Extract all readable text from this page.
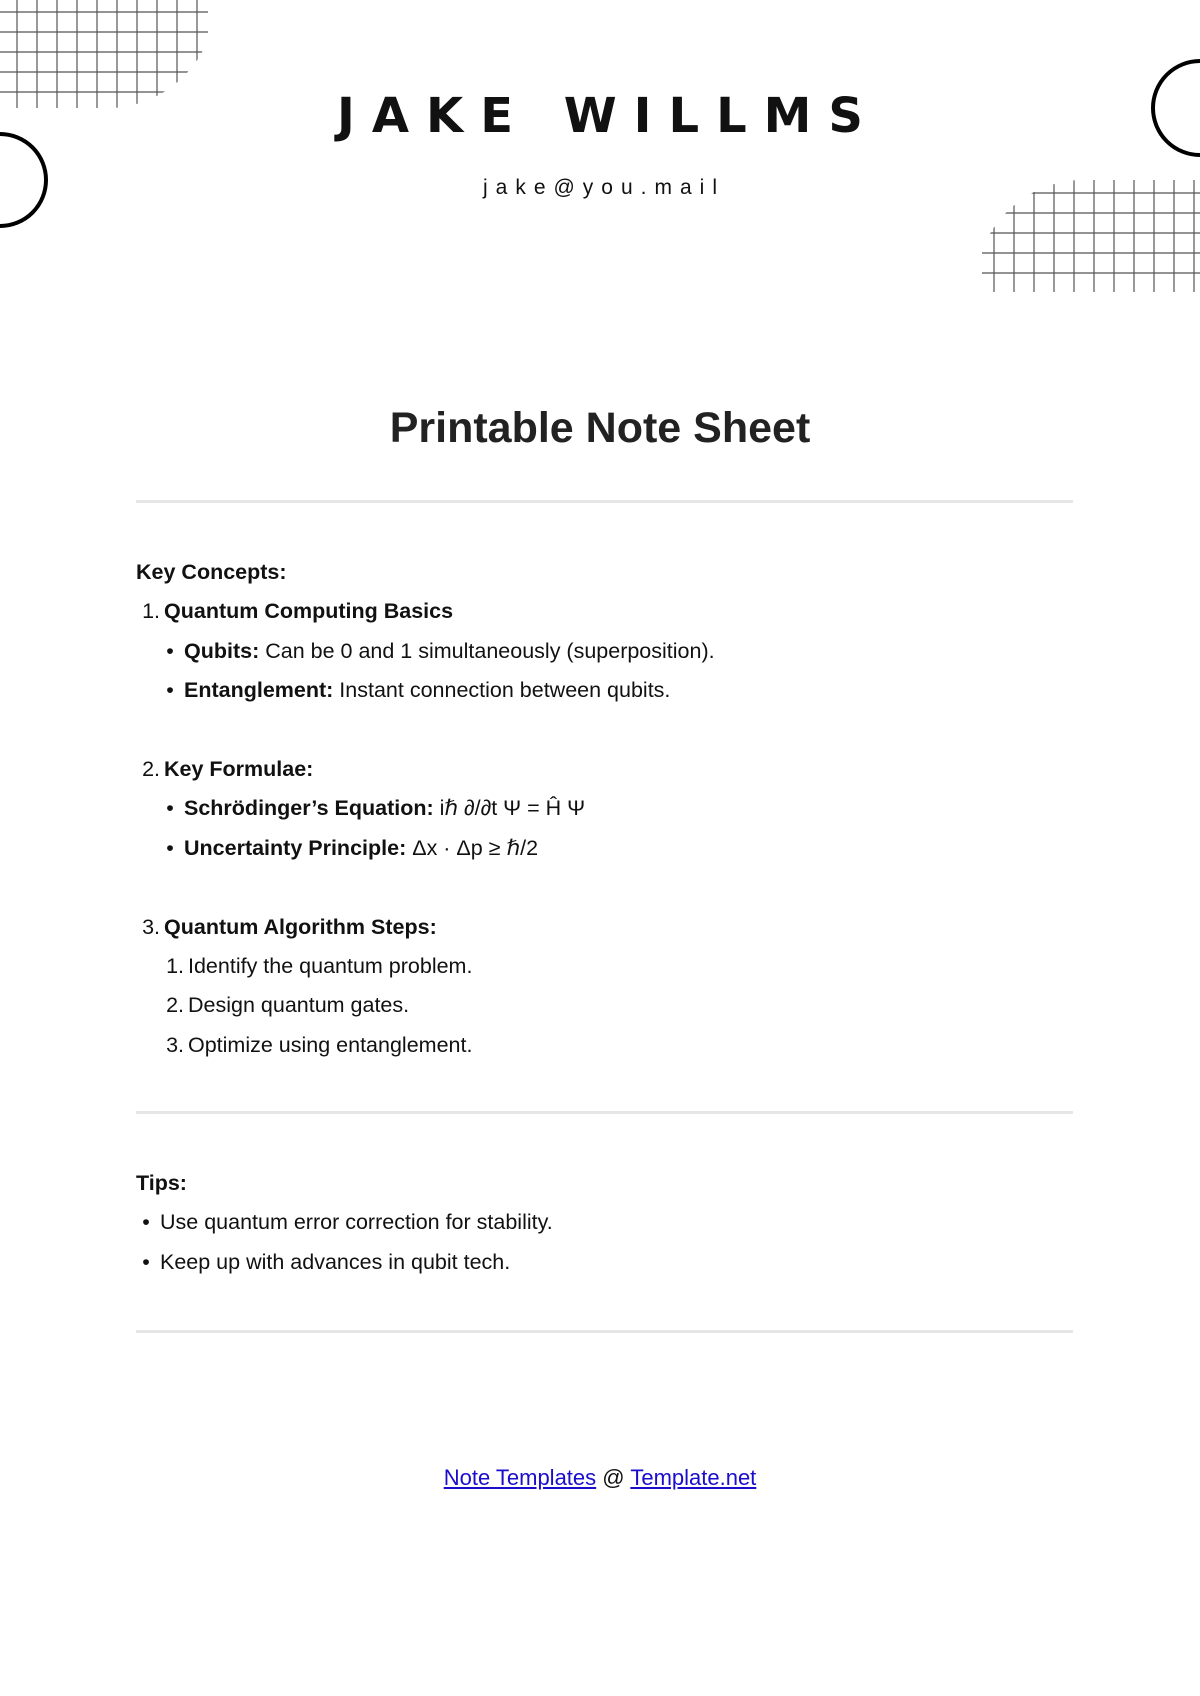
JAKE WILLMS
jake@you.mail
Printable Note Sheet
Key Concepts:
1. Quantum Computing Basics
• Qubits: Can be 0 and 1 simultaneously (superposition).
• Entanglement: Instant connection between qubits.
2. Key Formulae:
• Schrödinger’s Equation: iℏ ∂/∂t Ψ = Ĥ Ψ
• Uncertainty Principle: Δx · Δp ≥ ℏ/2
3. Quantum Algorithm Steps:
1. Identify the quantum problem.
2. Design quantum gates.
3. Optimize using entanglement.
Tips:
• Use quantum error correction for stability.
• Keep up with advances in qubit tech.
Note Templates @ Template.net
